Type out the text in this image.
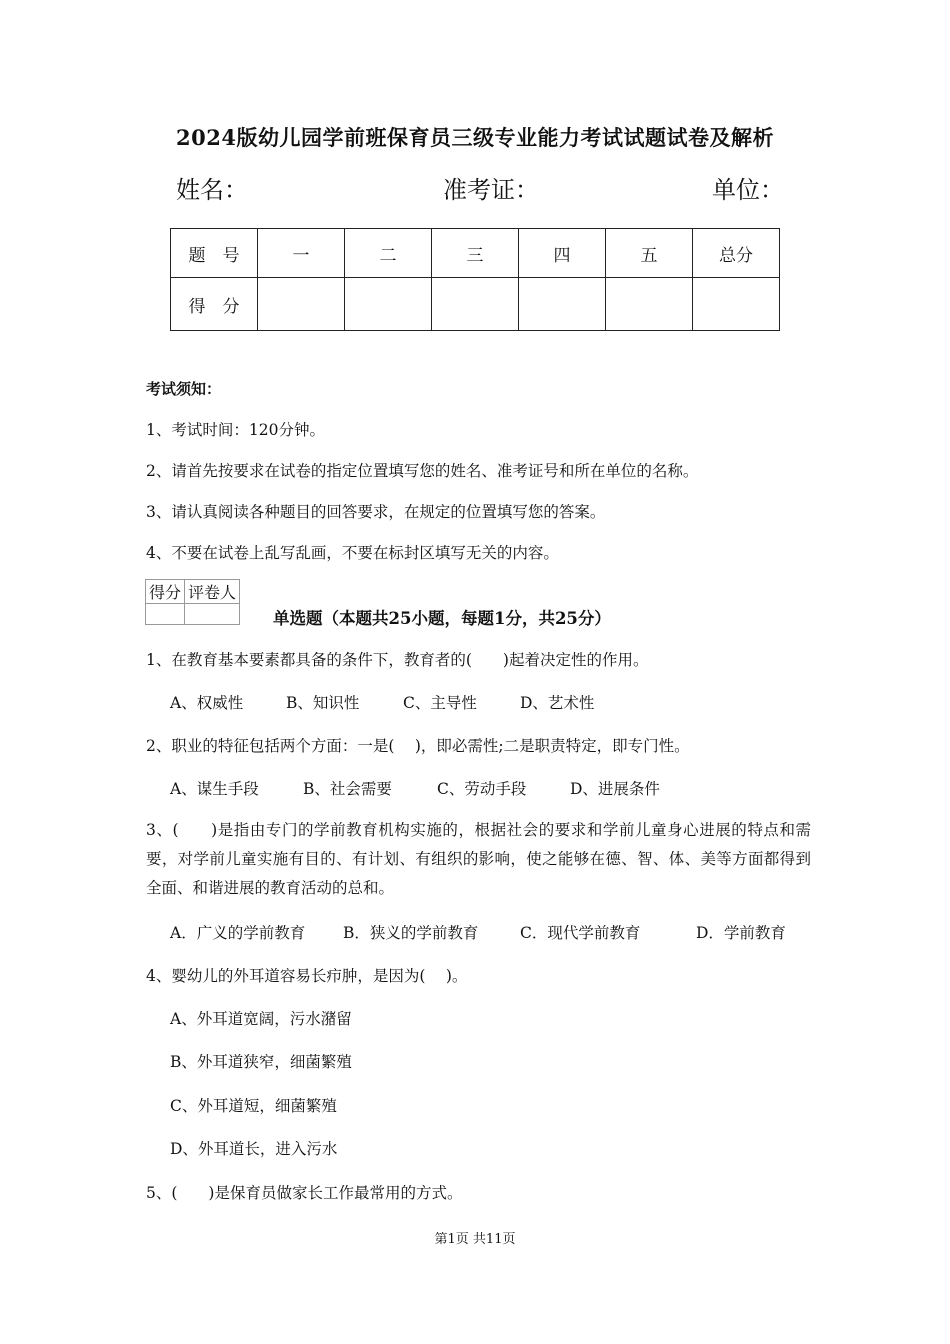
2024版幼儿园学前班保育员三级专业能力考试试题试卷及解析
姓名：	准考证：	单位：
题　号	一	二	三	四	五	总分
得　分						
考试须知：
1、考试时间：120分钟。
2、请首先按要求在试卷的指定位置填写您的姓名、准考证号和所在单位的名称。
3、请认真阅读各种题目的回答要求，在规定的位置填写您的答案。
4、不要在试卷上乱写乱画，不要在标封区填写无关的内容。
得分	评卷人

单选题（本题共25小题，每题1分，共25分）
1、在教育基本要素都具备的条件下，教育者的(　　)起着决定性的作用。
A、权威性	B、知识性	C、主导性	D、艺术性
2、职业的特征包括两个方面：一是(　 )，即必需性;二是职责特定，即专门性。
A、谋生手段	B、社会需要	C、劳动手段	D、进展条件
3、(　　)是指由专门的学前教育机构实施的，根据社会的要求和学前儿童身心进展的特点和需要，对学前儿童实施有目的、有计划、有组织的影响，使之能够在德、智、体、美等方面都得到全面、和谐进展的教育活动的总和。
A．广义的学前教育 B．狭义的学前教育	C．现代学前教育	D．学前教育
4、婴幼儿的外耳道容易长疖肿，是因为(　 )。
A、外耳道宽阔，污水潴留
B、外耳道狭窄，细菌繁殖
C、外耳道短，细菌繁殖
D、外耳道长，进入污水
5、(　　)是保育员做家长工作最常用的方式。
第1页 共11页
